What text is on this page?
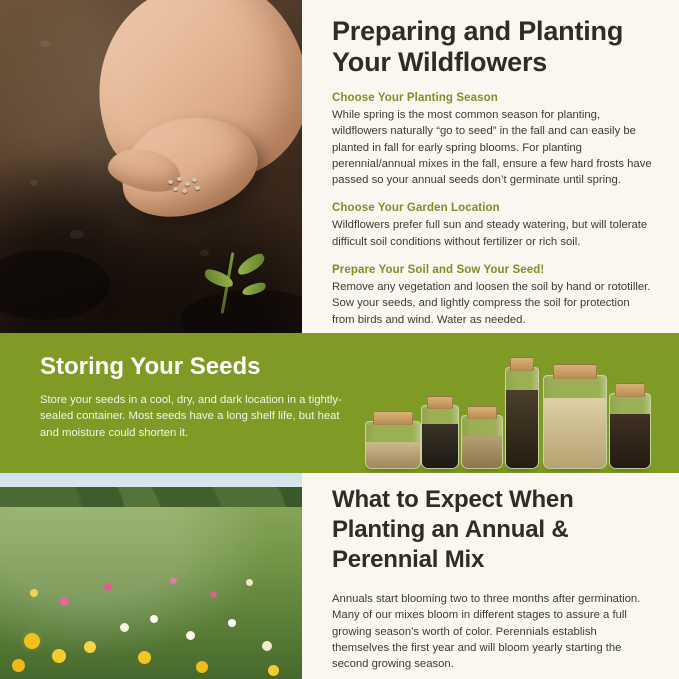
Preparing and Planting Your Wildflowers

Choose Your Planting Season

While spring is the most common season for planting, wildflowers naturally “go to seed” in the fall and can easily be planted in fall for early spring blooms. For planting perennial/annual mixes in the fall, ensure a few hard frosts have passed so your annual seeds don’t germinate until spring.

Choose Your Garden Location

Wildflowers prefer full sun and steady watering, but will tolerate difficult soil conditions without fertilizer or rich soil.

Prepare Your Soil and Sow Your Seed!

Remove any vegetation and loosen the soil by hand or rototiller. Sow your seeds, and lightly compress the soil for protection from birds and wind. Water as needed.

Storing Your Seeds

Store your seeds in a cool, dry, and dark location in a tightly-sealed container. Most seeds have a long shelf life, but heat and moisture could shorten it.

What to Expect When Planting an Annual & Perennial Mix

Annuals start blooming two to three months after germination. Many of our mixes bloom in different stages to assure a full growing season’s worth of color. Perennials establish themselves the first year and will bloom yearly starting the second growing season.
